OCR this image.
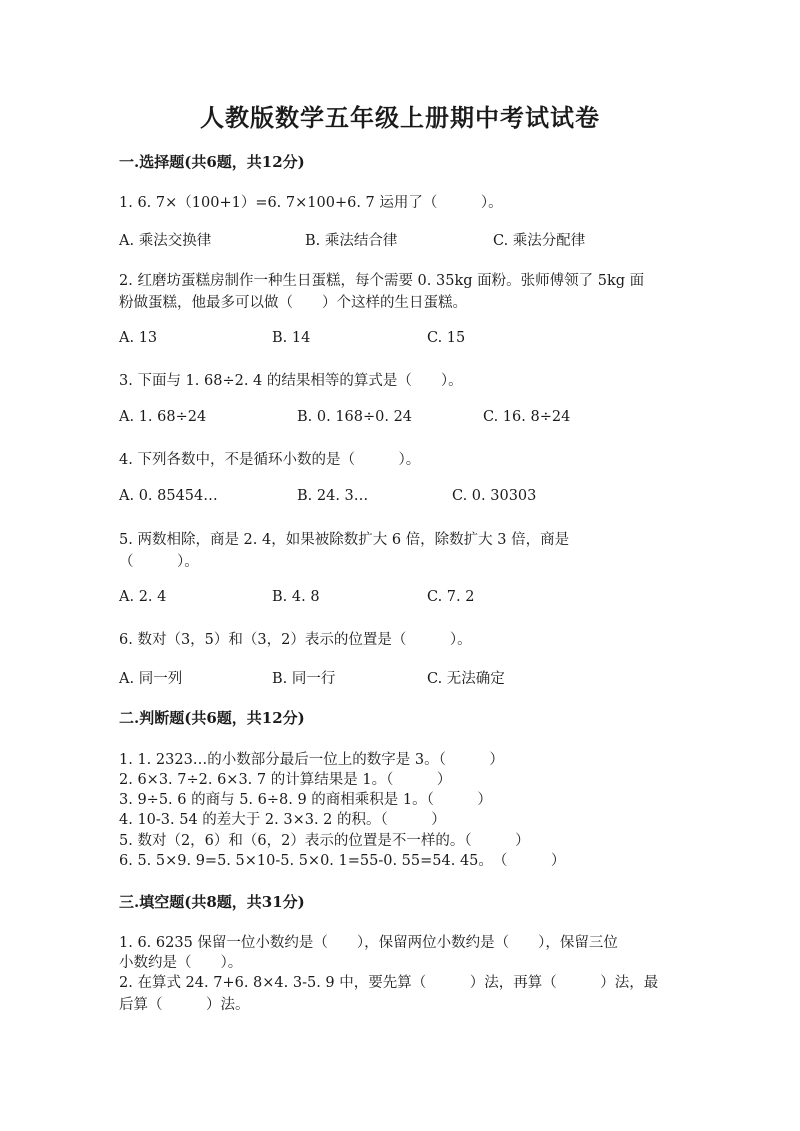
人教版数学五年级上册期中考试试卷
一.选择题(共6题，共12分)
1. 6. 7×（100+1）=6. 7×100+6. 7 运用了（　　　）。
A. 乘法交换律	B. 乘法结合律	C. 乘法分配律
2. 红磨坊蛋糕房制作一种生日蛋糕，每个需要 0. 35kg 面粉。张师傅领了 5kg 面
粉做蛋糕，他最多可以做（　　）个这样的生日蛋糕。
A. 13	B. 14	C. 15
3. 下面与 1. 68÷2. 4 的结果相等的算式是（　　）。
A. 1. 68÷24	B. 0. 168÷0. 24	C. 16. 8÷24
4. 下列各数中，不是循环小数的是（　　　）。
A. 0. 85454…	B. 24. 3…	C. 0. 30303
5. 两数相除，商是 2. 4，如果被除数扩大 6 倍，除数扩大 3 倍，商是
（　　　）。
A. 2. 4	B. 4. 8	C. 7. 2
6. 数对（3，5）和（3，2）表示的位置是（　　　）。
A. 同一列	B. 同一行	C. 无法确定
二.判断题(共6题，共12分)
1. 1. 2323…的小数部分最后一位上的数字是 3。（　　　）
2. 6×3. 7÷2. 6×3. 7 的计算结果是 1。（　　　）
3. 9÷5. 6 的商与 5. 6÷8. 9 的商相乘积是 1。（　　　）
4. 10-3. 54 的差大于 2. 3×3. 2 的积。（　　　）
5. 数对（2，6）和（6，2）表示的位置是不一样的。（　　　）
6. 5. 5×9. 9=5. 5×10-5. 5×0. 1=55-0. 55=54. 45。　（　　　）
三.填空题(共8题，共31分)
1. 6. 6235 保留一位小数约是（　　），保留两位小数约是（　　），保留三位
小数约是（　　）。
2. 在算式 24. 7+6. 8×4. 3-5. 9 中，要先算（　　　）法，再算（　　　）法，最
后算（　　　）法。
